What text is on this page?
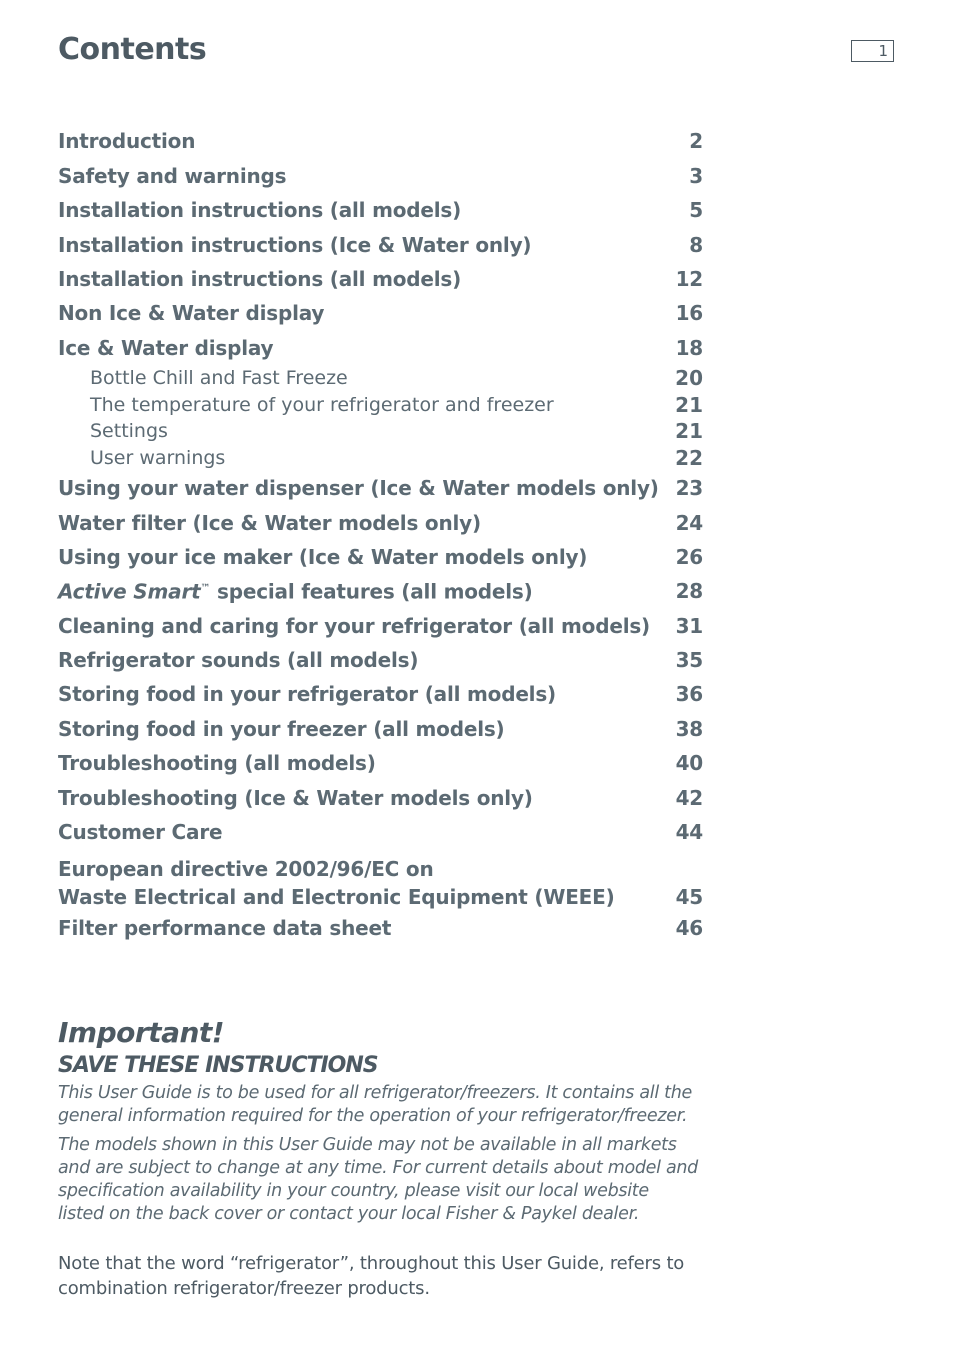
Contents	1
Introduction	2
Safety and warnings	3
Installation instructions (all models)	5
Installation instructions (Ice & Water only)	8
Installation instructions (all models)	12
Non Ice & Water display	16
Ice & Water display	18
Bottle Chill and Fast Freeze	20
The temperature of your refrigerator and freezer	21
Settings	21
User warnings	22
Using your water dispenser (Ice & Water models only) 23
Water filter (Ice & Water models only)	24
Using your ice maker (Ice & Water models only)	26
Active Smart™ special features (all models)	28
Cleaning and caring for your refrigerator (all models) 31
Refrigerator sounds (all models)	35
Storing food in your refrigerator (all models)	36
Storing food in your freezer (all models)	38
Troubleshooting (all models)	40
Troubleshooting (Ice & Water models only)	42
Customer Care	44
European directive 2002/96/EC on
Waste Electrical and Electronic Equipment (WEEE)	45
Filter performance data sheet	46
Important!
SAVE THESE INSTRUCTIONS
This User Guide is to be used for all refrigerator/freezers. It contains all the general information required for the operation of your refrigerator/freezer.
The models shown in this User Guide may not be available in all markets and are subject to change at any time. For current details about model and specification availability in your country, please visit our local website listed on the back cover or contact your local Fisher & Paykel dealer.
Note that the word “refrigerator”, throughout this User Guide, refers to combination refrigerator/freezer products.
